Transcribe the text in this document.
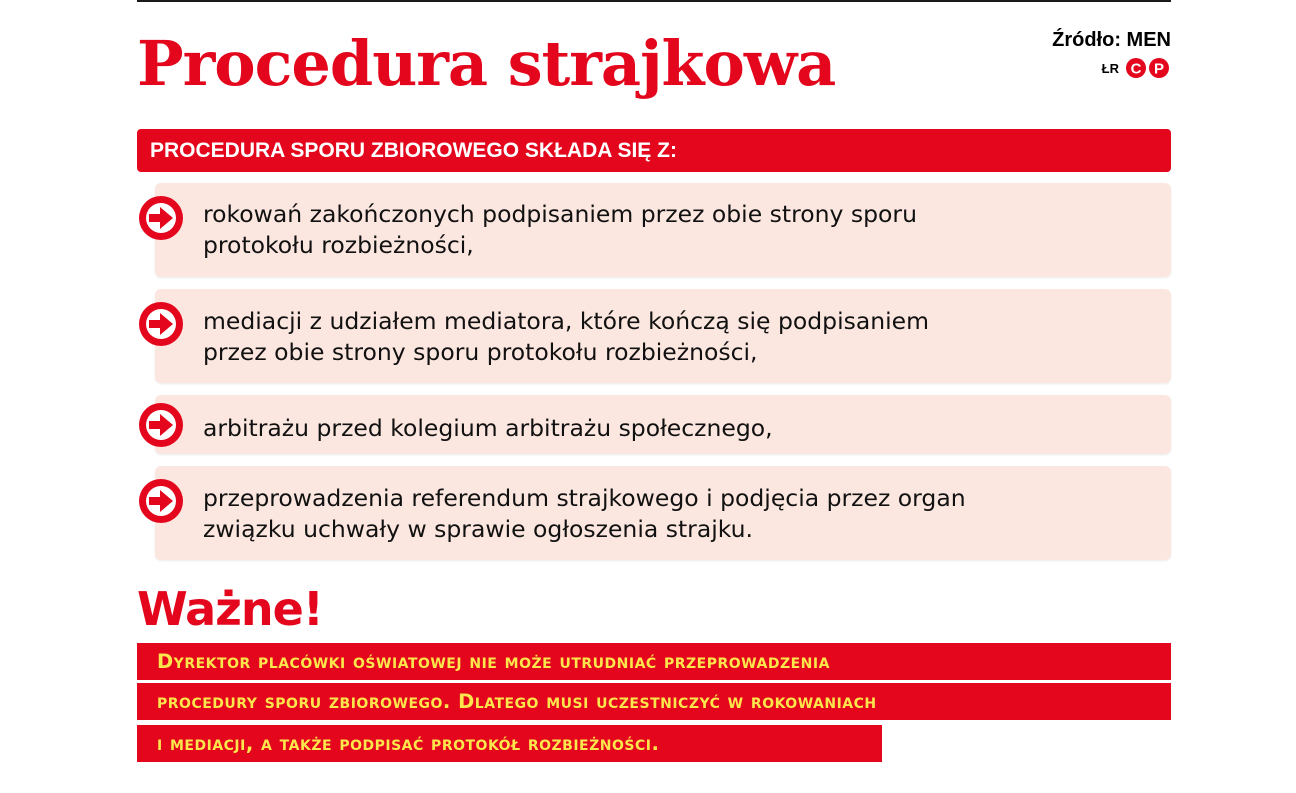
Procedura strajkowa	Źródło: MEN
ŁR C P
PROCEDURA SPORU ZBIOROWEGO SKŁADA SIĘ Z:

rokowań zakończonych podpisaniem przez obie strony sporu
protokołu rozbieżności,

mediacji z udziałem mediatora, które kończą się podpisaniem
przez obie strony sporu protokołu rozbieżności,

arbitrażu przed kolegium arbitrażu społecznego,

przeprowadzenia referendum strajkowego i podjęcia przez organ
związku uchwały w sprawie ogłoszenia strajku.

Ważne!
Dyrektor placówki oświatowej nie może utrudniać przeprowadzenia
procedury sporu zbiorowego. Dlatego musi uczestniczyć w rokowaniach
i mediacji, a także podpisać protokół rozbieżności.
